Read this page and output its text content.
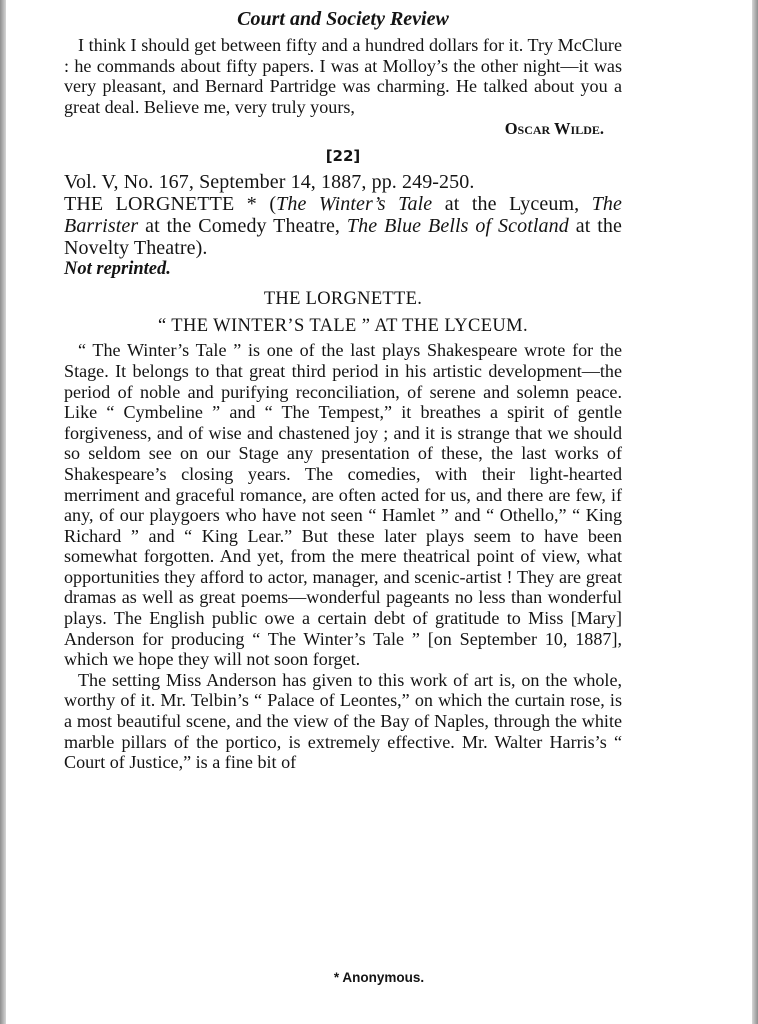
Court and Society Review

I think I should get between fifty and a hundred dollars for it. Try McClure : he commands about fifty papers. I was at Molloy’s the other night—it was very pleasant, and Bernard Partridge was charming. He talked about you a great deal. Believe me, very truly yours,

Oscar Wilde.
[22]

Vol. V, No. 167, September 14, 1887, pp. 249-250.
THE LORGNETTE * (The Winter’s Tale at the Lyceum, The Barrister at the Comedy Theatre, The Blue Bells of Scotland at the Novelty Theatre).

Not reprinted.
THE LORGNETTE.
“ THE WINTER’S TALE ” AT THE LYCEUM.

“ The Winter’s Tale ” is one of the last plays Shakespeare wrote for the Stage. It belongs to that great third period in his artistic development—the period of noble and purifying reconciliation, of serene and solemn peace. Like “ Cymbeline ” and “ The Tempest,” it breathes a spirit of gentle forgiveness, and of wise and chastened joy ; and it is strange that we should so seldom see on our Stage any presentation of these, the last works of Shakespeare’s closing years. The comedies, with their light-hearted merriment and graceful romance, are often acted for us, and there are few, if any, of our playgoers who have not seen “ Hamlet ” and “ Othello,” “ King Richard ” and “ King Lear.” But these later plays seem to have been somewhat forgotten. And yet, from the mere theatrical point of view, what opportunities they afford to actor, manager, and scenic-artist ! They are great dramas as well as great poems—wonderful pageants no less than wonderful plays. The English public owe a certain debt of gratitude to Miss [Mary] Anderson for producing “ The Winter’s Tale ” [on September 10, 1887], which we hope they will not soon forget.

The setting Miss Anderson has given to this work of art is, on the whole, worthy of it. Mr. Telbin’s “ Palace of Leontes,” on which the curtain rose, is a most beautiful scene, and the view of the Bay of Naples, through the white marble pillars of the portico, is extremely effective. Mr. Walter Harris’s “ Court of Justice,” is a fine bit of

* Anonymous.
